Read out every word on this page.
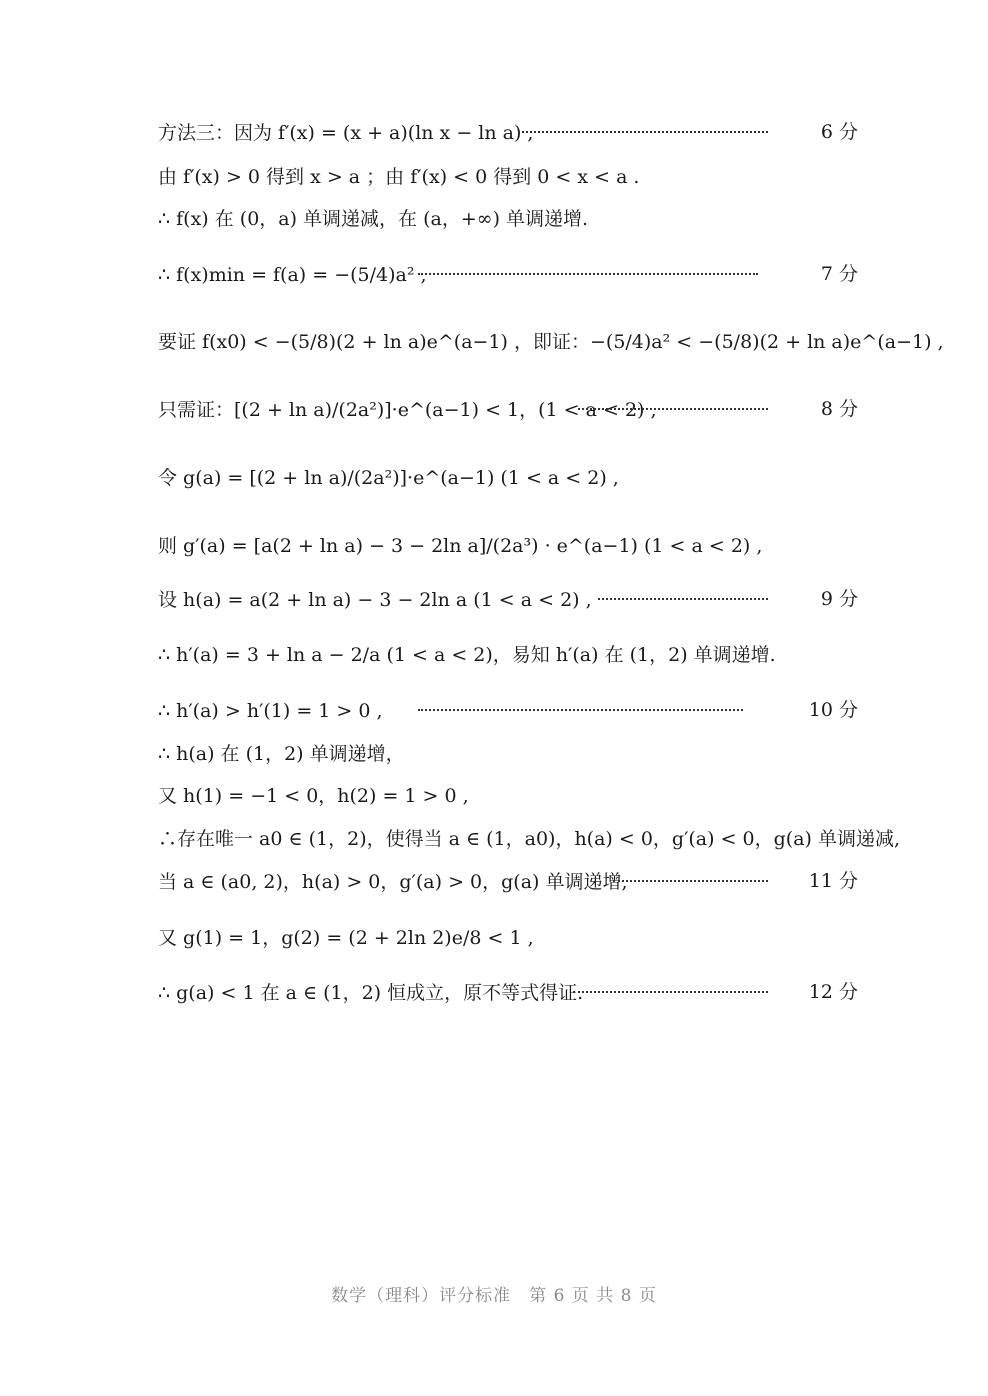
方法三：因为 f′(x) = (x + a)(ln x − ln a) ,	6 分
由 f′(x) > 0 得到 x > a ；由 f′(x) < 0 得到 0 < x < a .
∴ f(x) 在 (0，a) 单调递减，在 (a，+∞) 单调递增.
∴ f(x)min = f(a) = −(5/4)a² ,	7 分
要证 f(x0) < −(5/8)(2 + ln a)e^(a−1) ，即证：−(5/4)a² < −(5/8)(2 + ln a)e^(a−1) ,
只需证：[(2 + ln a)/(2a²)]·e^(a−1) < 1，(1 < a < 2) ,	8 分
令 g(a) = [(2 + ln a)/(2a²)]·e^(a−1) (1 < a < 2) ,
则 g′(a) = [a(2 + ln a) − 3 − 2ln a]/(2a³) · e^(a−1) (1 < a < 2) ,
设 h(a) = a(2 + ln a) − 3 − 2ln a (1 < a < 2) ,	9 分
∴ h′(a) = 3 + ln a − 2/a (1 < a < 2)，易知 h′(a) 在 (1，2) 单调递增.
∴ h′(a) > h′(1) = 1 > 0 ,	10 分
∴ h(a) 在 (1，2) 单调递增，
又 h(1) = −1 < 0，h(2) = 1 > 0 ,
∴存在唯一 a0 ∈ (1，2)，使得当 a ∈ (1，a0)，h(a) < 0，g′(a) < 0，g(a) 单调递减,
当 a ∈ (a0, 2)，h(a) > 0，g′(a) > 0，g(a) 单调递增,	11 分
又 g(1) = 1，g(2) = (2 + 2ln 2)e/8 < 1 ,
∴ g(a) < 1 在 a ∈ (1，2) 恒成立，原不等式得证.	12 分
数学（理科）评分标准　第 6 页 共 8 页
